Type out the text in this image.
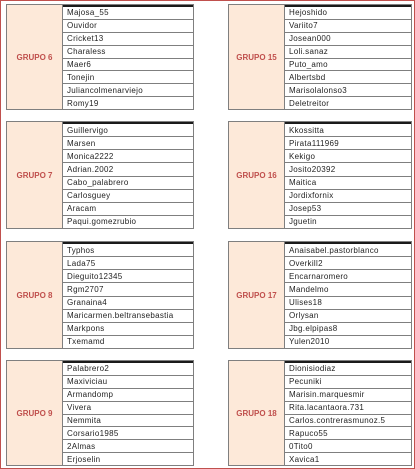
GRUPO 6
Majosa_55
Ouvidor
Cricket13
Charaless
Maer6
Tonejin
Juliancolmenarviejo
Romy19
GRUPO 15
Hejoshido
Variito7
Josean000
Loli.sanaz
Puto_amo
Albertsbd
Marisolalonso3
Deletreitor
GRUPO 7
Guillervigo
Marsen
Monica2222
Adrian.2002
Cabo_palabrero
Carlosguey
Aracam
Paqui.gomezrubio
GRUPO 16
Kkossitta
Pirata111969
Kekigo
Josito20392
Maitica
Jordixfornix
Josep53
Jguetin
GRUPO 8
Typhos
Lada75
Dieguito12345
Rgm2707
Granaina4
Maricarmen.beltransebastia
Markpons
Txemamd
GRUPO 17
Anaisabel.pastorblanco
Overkill2
Encarnaromero
Mandelmo
Ulises18
Orlysan
Jbg.elpipas8
Yulen2010
GRUPO 9
Palabrero2
Maxiviciau
Armandomp
Vivera
Nemmita
Corsario1985
2Almas
Erjoselin
GRUPO 18
Dionisiodiaz
Pecuniki
Marisin.marquesmir
Rita.lacantaora.731
Carlos.contrerasmunoz.5
Rapuco55
0Tito0
Xavica1
